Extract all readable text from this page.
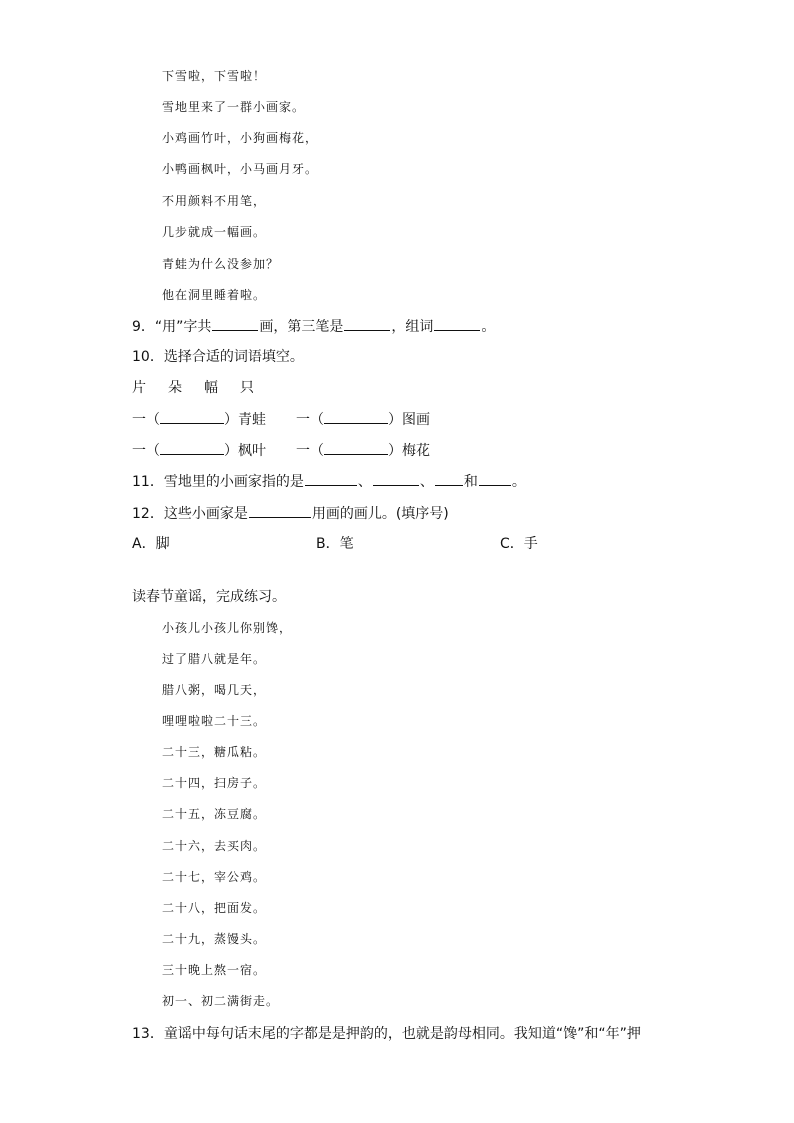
下雪啦，下雪啦！
雪地里来了一群小画家。
小鸡画竹叶，小狗画梅花，
小鸭画枫叶，小马画月牙。
不用颜料不用笔，
几步就成一幅画。
青蛙为什么没参加？
他在洞里睡着啦。
9．“用”字共	画，第三笔是	，组词	。
10．选择合适的词语填空。
片 朵 幅 只
一（	）青蛙 一（	）图画
一（	）枫叶 一（	）梅花
11．雪地里的小画家指的是	、	、 和 。
12．这些小画家是	用画的画儿。(填序号)
A．脚	B．笔	C．手
读春节童谣，完成练习。
小孩儿小孩儿你别馋，
过了腊八就是年。
腊八粥，喝几天，
哩哩啦啦二十三。
二十三，糖瓜粘。
二十四，扫房子。
二十五，冻豆腐。
二十六，去买肉。
二十七，宰公鸡。
二十八，把面发。
二十九，蒸馒头。
三十晚上熬一宿。
初一、初二满街走。
13．童谣中每句话末尾的字都是是押韵的，也就是韵母相同。我知道“馋”和“年”押
